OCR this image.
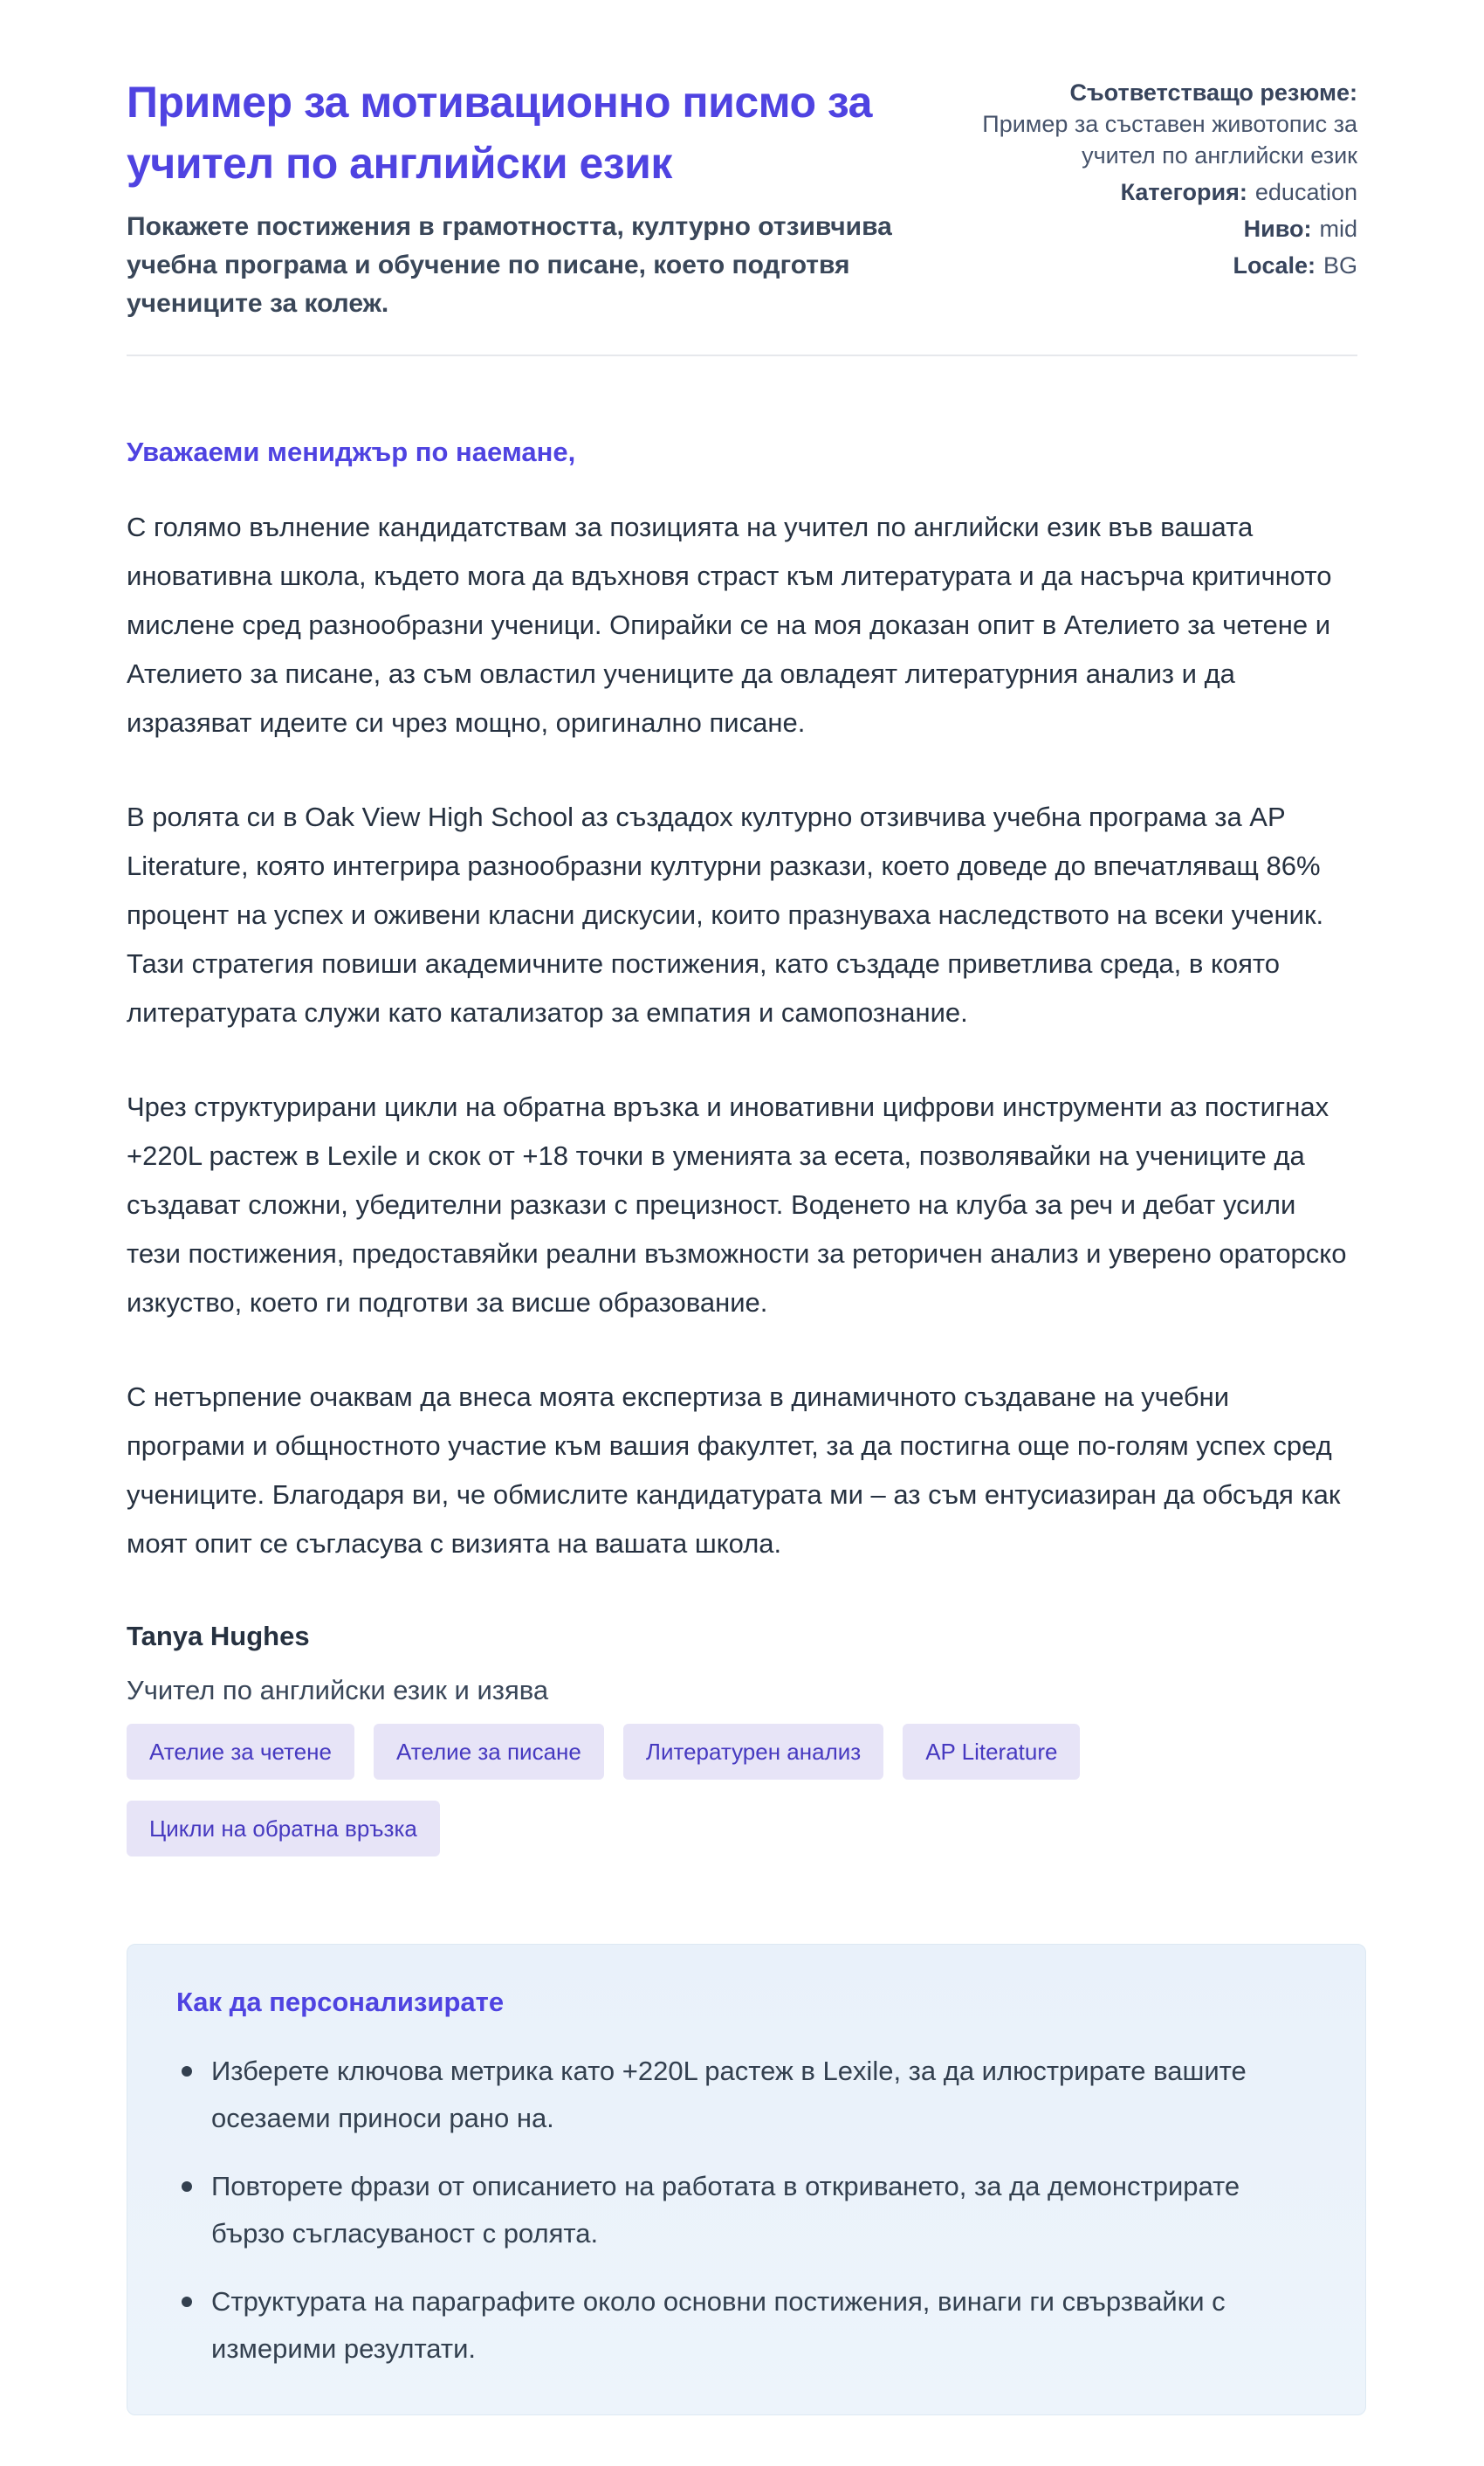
Пример за мотивационно писмо за учител по английски език
Покажете постижения в грамотността, културно отзивчива учебна програма и обучение по писане, което подготвя учениците за колеж.
Съответстващо резюме:
Пример за съставен животопис за учител по английски език
Категория: education
Ниво: mid
Locale: BG
Уважаеми мениджър по наемане,

С голямо вълнение кандидатствам за позицията на учител по английски език във вашата иновативна школа, където мога да вдъхновя страст към литературата и да насърча критичното мислене сред разнообразни ученици. Опирайки се на моя доказан опит в Ателието за четене и Ателието за писане, аз съм овластил учениците да овладеят литературния анализ и да изразяват идеите си чрез мощно, оригинално писане.

В ролята си в Oak View High School аз създадох културно отзивчива учебна програма за AP Literature, която интегрира разнообразни културни разкази, което доведе до впечатляващ 86% процент на успех и оживени класни дискусии, които празнуваха наследството на всеки ученик. Тази стратегия повиши академичните постижения, като създаде приветлива среда, в която литературата служи като катализатор за емпатия и самопознание.

Чрез структурирани цикли на обратна връзка и иновативни цифрови инструменти аз постигнах +220L растеж в Lexile и скок от +18 точки в уменията за есета, позволявайки на учениците да създават сложни, убедителни разкази с прецизност. Воденето на клуба за реч и дебат усили тези постижения, предоставяйки реални възможности за реторичен анализ и уверено ораторско изкуство, което ги подготви за висше образование.

С нетърпение очаквам да внеса моята експертиза в динамичното създаване на учебни програми и общностното участие към вашия факултет, за да постигна още по-голям успех сред учениците. Благодаря ви, че обмислите кандидатурата ми – аз съм ентусиазиран да обсъдя как моят опит се съгласува с визията на вашата школа.

Tanya Hughes
Учител по английски език и изява
Ателие за четене	Ателие за писане	Литературен анализ	AP Literature
Цикли на обратна връзка
Как да персонализирате
Изберете ключова метрика като +220L растеж в Lexile, за да илюстрирате вашите осезаеми приноси рано на.
Повторете фрази от описанието на работата в откриването, за да демонстрирате бързо съгласуваност с ролята.
Структурата на параграфите около основни постижения, винаги ги свързвайки с измерими резултати.
